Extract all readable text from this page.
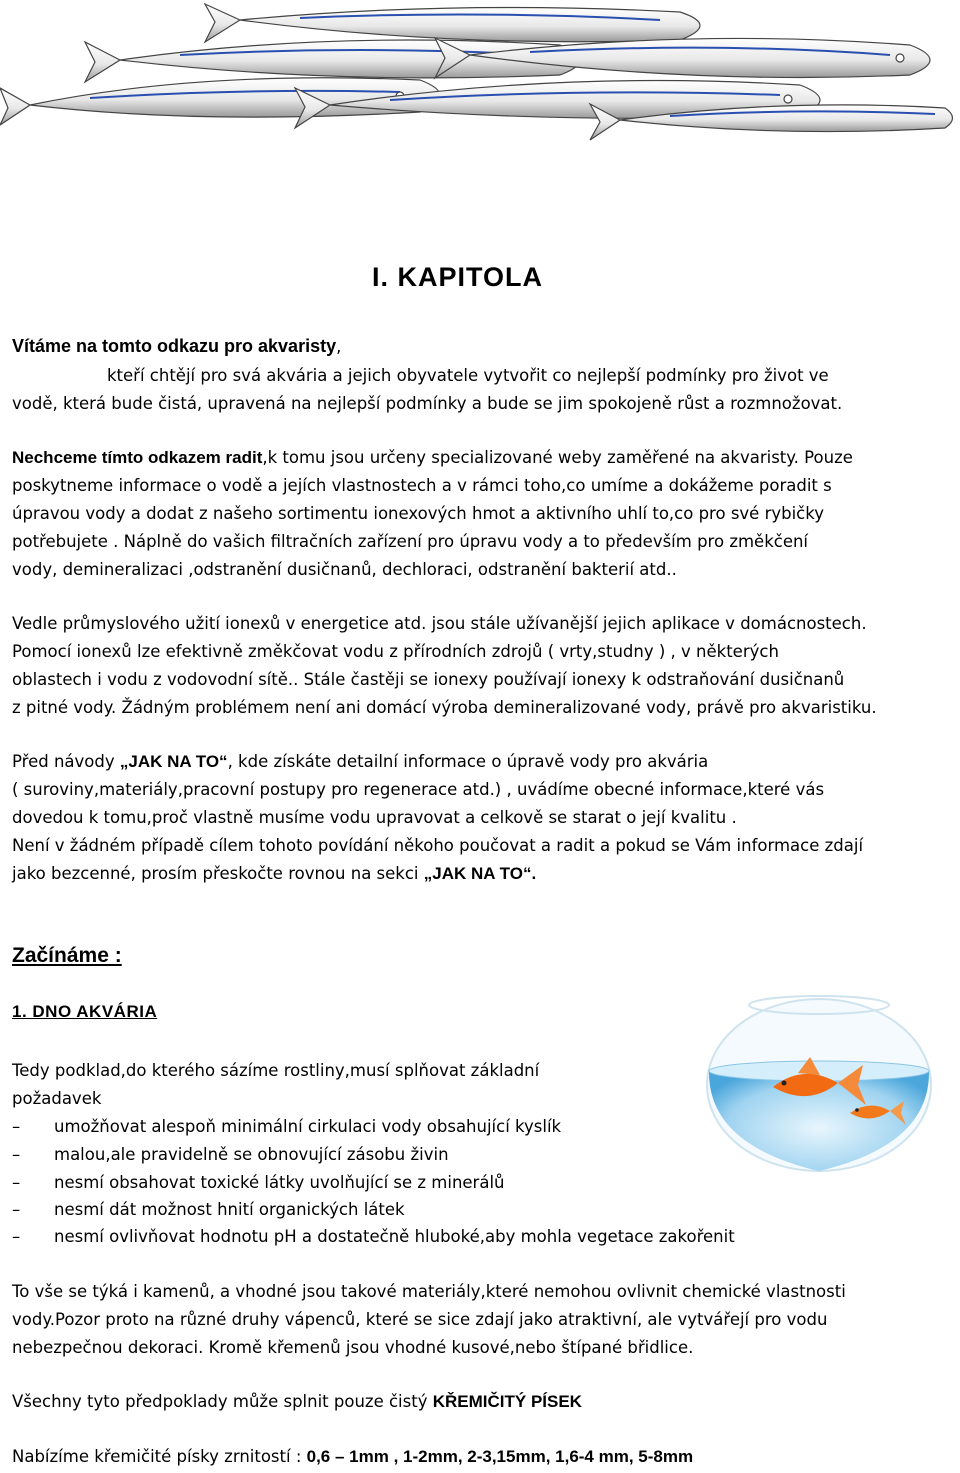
I. KAPITOLA
Vítáme na tomto odkazu pro akvaristy,
kteří chtějí pro svá akvária a jejich obyvatele vytvořit co nejlepší podmínky pro život ve
vodě, která bude čistá, upravená na nejlepší podmínky a bude se jim spokojeně růst a rozmnožovat.
Nechceme tímto odkazem radit,k tomu jsou určeny specializované weby zaměřené na akvaristy. Pouze
poskytneme informace o vodě a jejích vlastnostech a v rámci toho,co umíme a dokážeme poradit s
úpravou vody a dodat z našeho sortimentu ionexových hmot a aktivního uhlí to,co pro své rybičky
potřebujete . Náplně do vašich filtračních zařízení pro úpravu vody a to především pro změkčení
vody, demineralizaci ,odstranění dusičnanů, dechloraci, odstranění bakterií atd..
Vedle průmyslového užití ionexů v energetice atd. jsou stále užívanější jejich aplikace v domácnostech.
Pomocí ionexů lze efektivně změkčovat vodu z přírodních zdrojů ( vrty,studny ) , v některých
oblastech i vodu z vodovodní sítě.. Stále častěji se ionexy používají ionexy k odstraňování dusičnanů
z pitné vody. Žádným problémem není ani domácí výroba demineralizované vody, právě pro akvaristiku.
Před návody „JAK NA TO“, kde získáte detailní informace o úpravě vody pro akvária
( suroviny,materiály,pracovní postupy pro regenerace atd.) , uvádíme obecné informace,které vás
dovedou k tomu,proč vlastně musíme vodu upravovat a celkově se starat o její kvalitu .
Není v žádném případě cílem tohoto povídání někoho poučovat a radit a pokud se Vám informace zdají
jako bezcenné, prosím přeskočte rovnou na sekci „JAK NA TO“.
Začínáme :
1. DNO AKVÁRIA
Tedy podklad,do kterého sázíme rostliny,musí splňovat základní
požadavek
– umožňovat alespoň minimální cirkulaci vody obsahující kyslík
– malou,ale pravidelně se obnovující zásobu živin
– nesmí obsahovat toxické látky uvolňující se z minerálů
– nesmí dát možnost hnití organických látek
– nesmí ovlivňovat hodnotu pH a dostatečně hluboké,aby mohla vegetace zakořenit
To vše se týká i kamenů, a vhodné jsou takové materiály,které nemohou ovlivnit chemické vlastnosti
vody.Pozor proto na různé druhy vápenců, které se sice zdají jako atraktivní, ale vytvářejí pro vodu
nebezpečnou dekoraci. Kromě křemenů jsou vhodné kusové,nebo štípané břidlice.
Všechny tyto předpoklady může splnit pouze čistý KŘEMIČITÝ PÍSEK
Nabízíme křemičité písky zrnitostí : 0,6 – 1mm , 1-2mm, 2-3,15mm, 1,6-4 mm, 5-8mm
